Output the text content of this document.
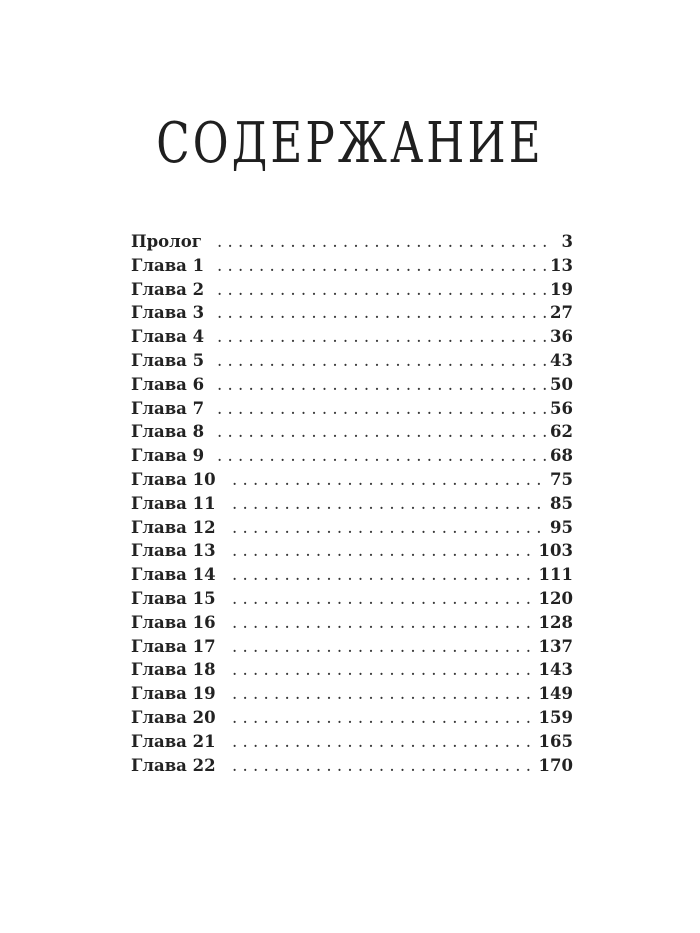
СОДЕРЖАНИЕ
Пролог . . .	3
Глава 1 . . .	13
Глава 2 . . .	19
Глава 3 . . .	27
Глава 4 . . .	36
Глава 5 . . .	43
Глава 6 . . .	50
Глава 7 . . .	56
Глава 8 . . .	62
Глава 9 . . .	68
Глава 10 . . .	75
Глава 11 . . .	85
Глава 12 . . .	95
Глава 13 . . .	103
Глава 14 . . .	111
Глава 15 . . .	120
Глава 16 . . .	128
Глава 17 . . .	137
Глава 18 . . .	143
Глава 19 . . .	149
Глава 20 . . .	159
Глава 21 . . .	165
Глава 22 . . .	170
